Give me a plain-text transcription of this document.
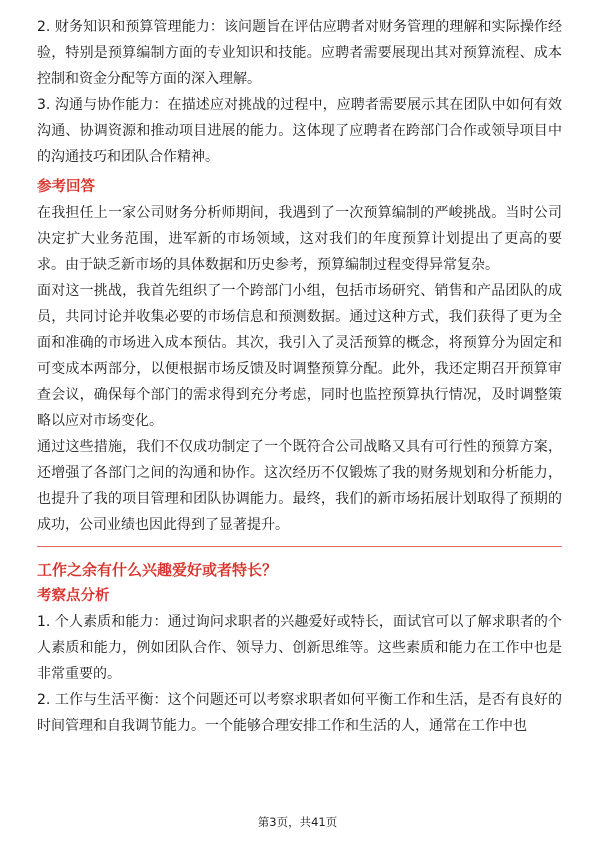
2. 财务知识和预算管理能力：该问题旨在评估应聘者对财务管理的理解和实际操作经验，特别是预算编制方面的专业知识和技能。应聘者需要展现出其对预算流程、成本控制和资金分配等方面的深入理解。

3. 沟通与协作能力：在描述应对挑战的过程中，应聘者需要展示其在团队中如何有效沟通、协调资源和推动项目进展的能力。这体现了应聘者在跨部门合作或领导项目中的沟通技巧和团队合作精神。

参考回答

在我担任上一家公司财务分析师期间，我遇到了一次预算编制的严峻挑战。当时公司决定扩大业务范围，进军新的市场领域，这对我们的年度预算计划提出了更高的要求。由于缺乏新市场的具体数据和历史参考，预算编制过程变得异常复杂。

面对这一挑战，我首先组织了一个跨部门小组，包括市场研究、销售和产品团队的成员，共同讨论并收集必要的市场信息和预测数据。通过这种方式，我们获得了更为全面和准确的市场进入成本预估。其次，我引入了灵活预算的概念，将预算分为固定和可变成本两部分，以便根据市场反馈及时调整预算分配。此外，我还定期召开预算审查会议，确保每个部门的需求得到充分考虑，同时也监控预算执行情况，及时调整策略以应对市场变化。

通过这些措施，我们不仅成功制定了一个既符合公司战略又具有可行性的预算方案，还增强了各部门之间的沟通和协作。这次经历不仅锻炼了我的财务规划和分析能力，也提升了我的项目管理和团队协调能力。最终，我们的新市场拓展计划取得了预期的成功，公司业绩也因此得到了显著提升。

工作之余有什么兴趣爱好或者特长？

考察点分析

1. 个人素质和能力：通过询问求职者的兴趣爱好或特长，面试官可以了解求职者的个人素质和能力，例如团队合作、领导力、创新思维等。这些素质和能力在工作中也是非常重要的。

2. 工作与生活平衡：这个问题还可以考察求职者如何平衡工作和生活，是否有良好的时间管理和自我调节能力。一个能够合理安排工作和生活的人，通常在工作中也

第3页，共41页
